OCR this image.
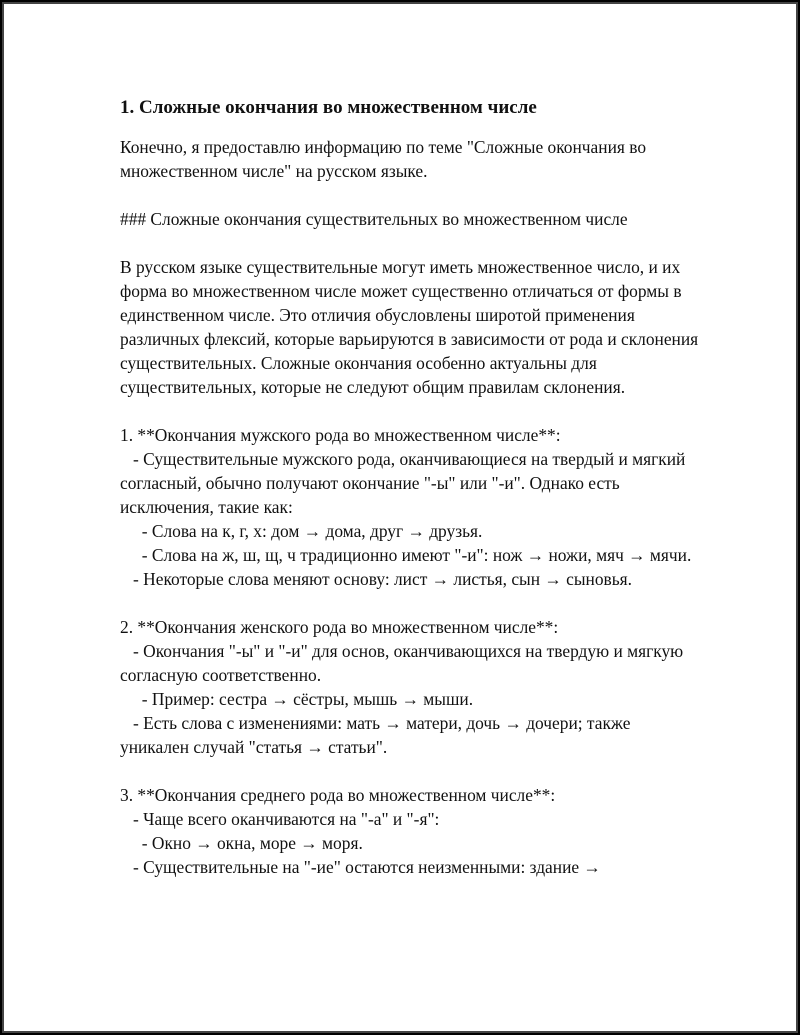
1. Сложные окончания во множественном числе

Конечно, я предоставлю информацию по теме "Сложные окончания во множественном числе" на русском языке.

### Сложные окончания существительных во множественном числе

В русском языке существительные могут иметь множественное число, и их форма во множественном числе может существенно отличаться от формы в единственном числе. Это отличия обусловлены широтой применения различных флексий, которые варьируются в зависимости от рода и склонения существительных. Сложные окончания особенно актуальны для существительных, которые не следуют общим правилам склонения.

1. **Окончания мужского рода во множественном числе**:

- Существительные мужского рода, оканчивающиеся на твердый и мягкий согласный, обычно получают окончание "-ы" или "-и". Однако есть исключения, такие как:

- Слова на к, г, х: дом → дома, друг → друзья.

- Слова на ж, ш, щ, ч традиционно имеют "-и": нож → ножи, мяч → мячи.

- Некоторые слова меняют основу: лист → листья, сын → сыновья.

2. **Окончания женского рода во множественном числе**:

- Окончания "-ы" и "-и" для основ, оканчивающихся на твердую и мягкую согласную соответственно.

- Пример: сестра → сёстры, мышь → мыши.

- Есть слова с изменениями: мать → матери, дочь → дочери; также уникален случай "статья → статьи".

3. **Окончания среднего рода во множественном числе**:

- Чаще всего оканчиваются на "-а" и "-я":

- Окно → окна, море → моря.

- Существительные на "-ие" остаются неизменными: здание →
